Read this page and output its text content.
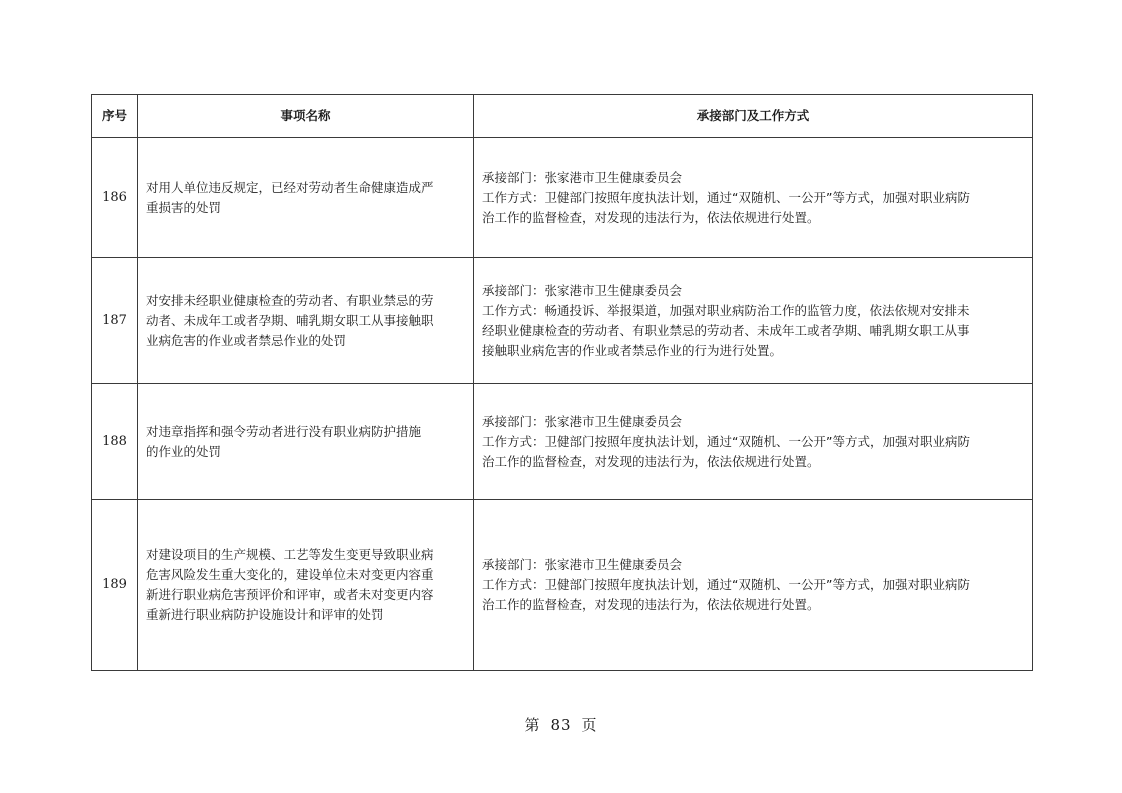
序号	事项名称	承接部门及工作方式
186	对用人单位违反规定，已经对劳动者生命健康造成严
重损害的处罚	承接部门：张家港市卫生健康委员会
工作方式：卫健部门按照年度执法计划，通过“双随机、一公开”等方式，加强对职业病防
治工作的监督检查，对发现的违法行为，依法依规进行处置。

187	对安排未经职业健康检查的劳动者、有职业禁忌的劳
动者、未成年工或者孕期、哺乳期女职工从事接触职
业病危害的作业或者禁忌作业的处罚	承接部门：张家港市卫生健康委员会
工作方式：畅通投诉、举报渠道，加强对职业病防治工作的监管力度，依法依规对安排未
经职业健康检查的劳动者、有职业禁忌的劳动者、未成年工或者孕期、哺乳期女职工从事
接触职业病危害的作业或者禁忌作业的行为进行处置。

188	对违章指挥和强令劳动者进行没有职业病防护措施
的作业的处罚	承接部门：张家港市卫生健康委员会
工作方式：卫健部门按照年度执法计划，通过“双随机、一公开”等方式，加强对职业病防
治工作的监督检查，对发现的违法行为，依法依规进行处置。

189	对建设项目的生产规模、工艺等发生变更导致职业病
危害风险发生重大变化的，建设单位未对变更内容重
新进行职业病危害预评价和评审，或者未对变更内容
重新进行职业病防护设施设计和评审的处罚	承接部门：张家港市卫生健康委员会
工作方式：卫健部门按照年度执法计划，通过“双随机、一公开”等方式，加强对职业病防
治工作的监督检查，对发现的违法行为，依法依规进行处置。
第 83 页
